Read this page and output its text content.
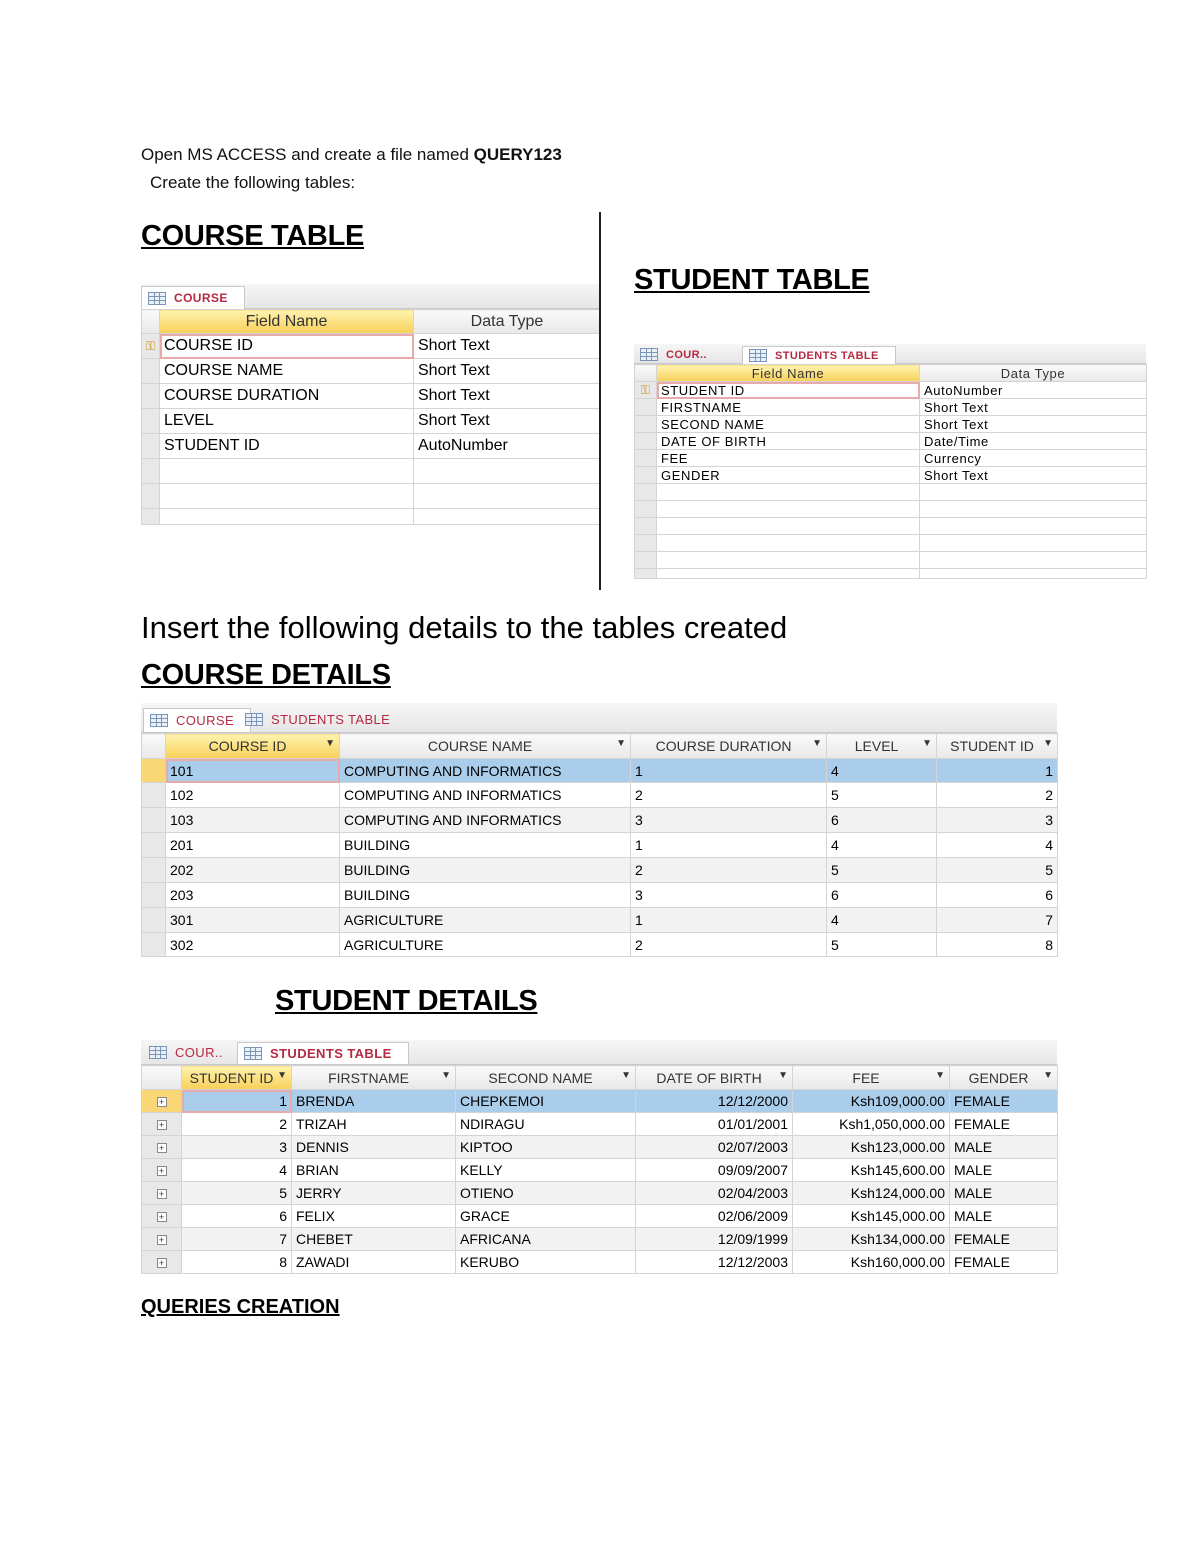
Open MS ACCESS and create a file named QUERY123
Create the following tables:
COURSE TABLE
COURSE
	Field Name	Data Type
⚿	COURSE ID	Short Text
	COURSE NAME	Short Text
	COURSE DURATION	Short Text
	LEVEL	Short Text
	STUDENT ID	AutoNumber

STUDENT TABLE
COUR..	STUDENTS TABLE
	Field Name	Data Type
⚿	STUDENT ID	AutoNumber
	FIRSTNAME	Short Text
	SECOND NAME	Short Text
	DATE OF BIRTH	Date/Time
	FEE	Currency
	GENDER	Short Text

Insert the following details to the tables created
COURSE DETAILS
COURSE	STUDENTS TABLE
	COURSE ID ▼	COURSE NAME ▼	COURSE DURATION ▼	LEVEL ▼	STUDENT ID ▼

	101	COMPUTING AND INFORMATICS	1	4	1
	102	COMPUTING AND INFORMATICS	2	5	2
	103	COMPUTING AND INFORMATICS	3	6	3
	201	BUILDING	1	4	4
	202	BUILDING	2	5	5
	203	BUILDING	3	6	6
	301	AGRICULTURE	1	4	7
	302	AGRICULTURE	2	5	8
STUDENT DETAILS
COUR..	STUDENTS TABLE
	STUDENT ID ▼	FIRSTNAME ▼	SECOND NAME ▼	DATE OF BIRTH ▼	FEE ▼	GENDER ▼

+	1	BRENDA	CHEPKEMOI	12/12/2000	Ksh109,000.00	FEMALE
+	2	TRIZAH	NDIRAGU	01/01/2001	Ksh1,050,000.00	FEMALE
+	3	DENNIS	KIPTOO	02/07/2003	Ksh123,000.00	MALE
+	4	BRIAN	KELLY	09/09/2007	Ksh145,600.00	MALE
+	5	JERRY	OTIENO	02/04/2003	Ksh124,000.00	MALE
+	6	FELIX	GRACE	02/06/2009	Ksh145,000.00	MALE
+	7	CHEBET	AFRICANA	12/09/1999	Ksh134,000.00	FEMALE
+	8	ZAWADI	KERUBO	12/12/2003	Ksh160,000.00	FEMALE
QUERIES CREATION
